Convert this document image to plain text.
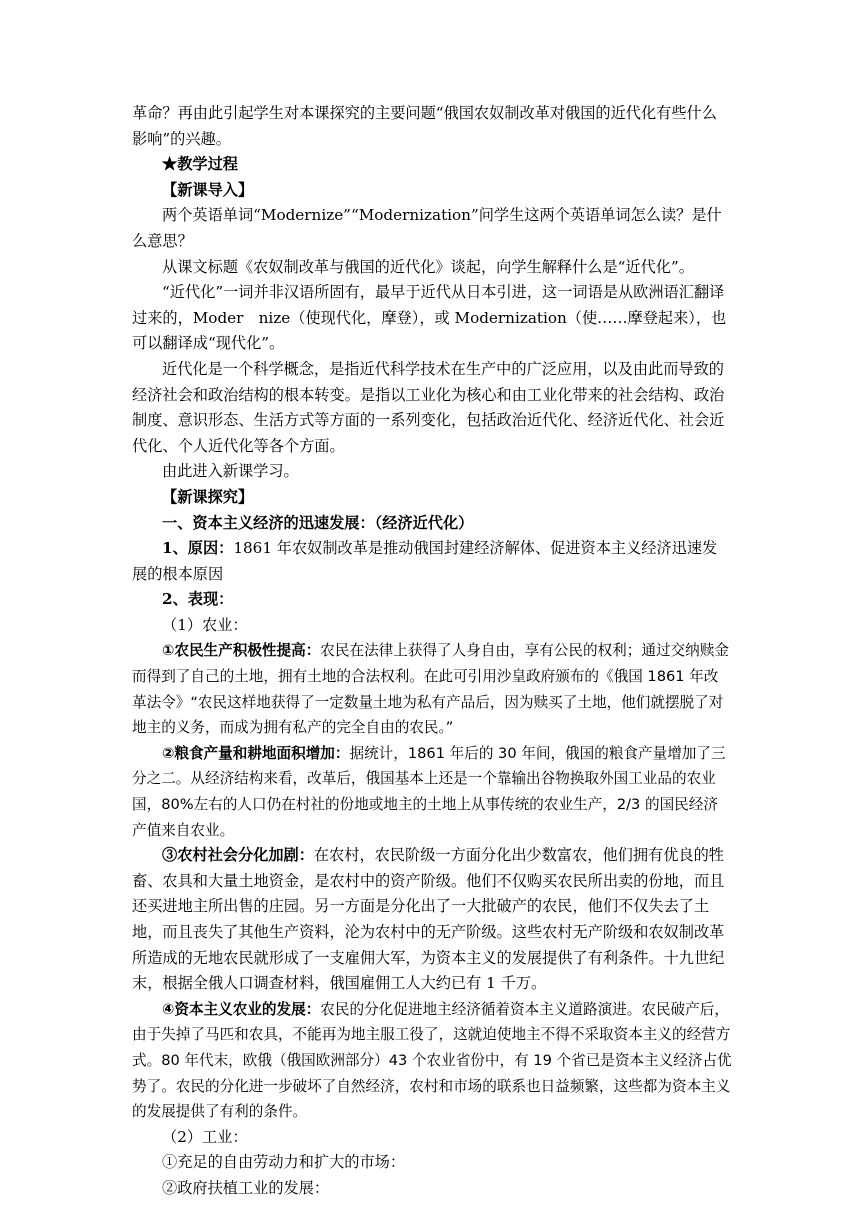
革命？再由此引起学生对本课探究的主要问题“俄国农奴制改革对俄国的近代化有些什么影响”的兴趣。

★教学过程

【新课导入】

两个英语单词“Modernize”“Modernization”问学生这两个英语单词怎么读？是什么意思？

从课文标题《农奴制改革与俄国的近代化》谈起，向学生解释什么是“近代化”。

“近代化”一词并非汉语所固有，最早于近代从日本引进，这一词语是从欧洲语汇翻译过来的，Moder　nize（使现代化，摩登），或 Modernization（使……摩登起来），也可以翻译成“现代化”。

近代化是一个科学概念，是指近代科学技术在生产中的广泛应用，以及由此而导致的经济社会和政治结构的根本转变。是指以工业化为核心和由工业化带来的社会结构、政治制度、意识形态、生活方式等方面的一系列变化，包括政治近代化、经济近代化、社会近代化、个人近代化等各个方面。

由此进入新课学习。

【新课探究】

一、资本主义经济的迅速发展：（经济近代化）

1、原因：1861 年农奴制改革是推动俄国封建经济解体、促进资本主义经济迅速发展的根本原因

2、表现：

（1）农业：

①农民生产积极性提高：农民在法律上获得了人身自由，享有公民的权利；通过交纳赎金而得到了自己的土地，拥有土地的合法权利。在此可引用沙皇政府颁布的《俄国 1861 年改革法令》“农民这样地获得了一定数量土地为私有产品后，因为赎买了土地，他们就摆脱了对地主的义务，而成为拥有私产的完全自由的农民。”

②粮食产量和耕地面积增加：据统计，1861 年后的 30 年间，俄国的粮食产量增加了三分之二。从经济结构来看，改革后，俄国基本上还是一个靠输出谷物换取外国工业品的农业国，80%左右的人口仍在村社的份地或地主的土地上从事传统的农业生产，2/3 的国民经济产值来自农业。

③农村社会分化加剧：在农村，农民阶级一方面分化出少数富农，他们拥有优良的牲畜、农具和大量土地资金，是农村中的资产阶级。他们不仅购买农民所出卖的份地，而且还买进地主所出售的庄园。另一方面是分化出了一大批破产的农民，他们不仅失去了土地，而且丧失了其他生产资料，沦为农村中的无产阶级。这些农村无产阶级和农奴制改革所造成的无地农民就形成了一支雇佣大军，为资本主义的发展提供了有利条件。十九世纪末，根据全俄人口调查材料，俄国雇佣工人大约已有 1 千万。

④资本主义农业的发展：农民的分化促进地主经济循着资本主义道路演进。农民破产后，由于失掉了马匹和农具，不能再为地主服工役了，这就迫使地主不得不采取资本主义的经营方式。80 年代末，欧俄（俄国欧洲部分）43 个农业省份中，有 19 个省已是资本主义经济占优势了。农民的分化进一步破坏了自然经济，农村和市场的联系也日益频繁，这些都为资本主义的发展提供了有利的条件。

（2）工业：

①充足的自由劳动力和扩大的市场：

②政府扶植工业的发展：
